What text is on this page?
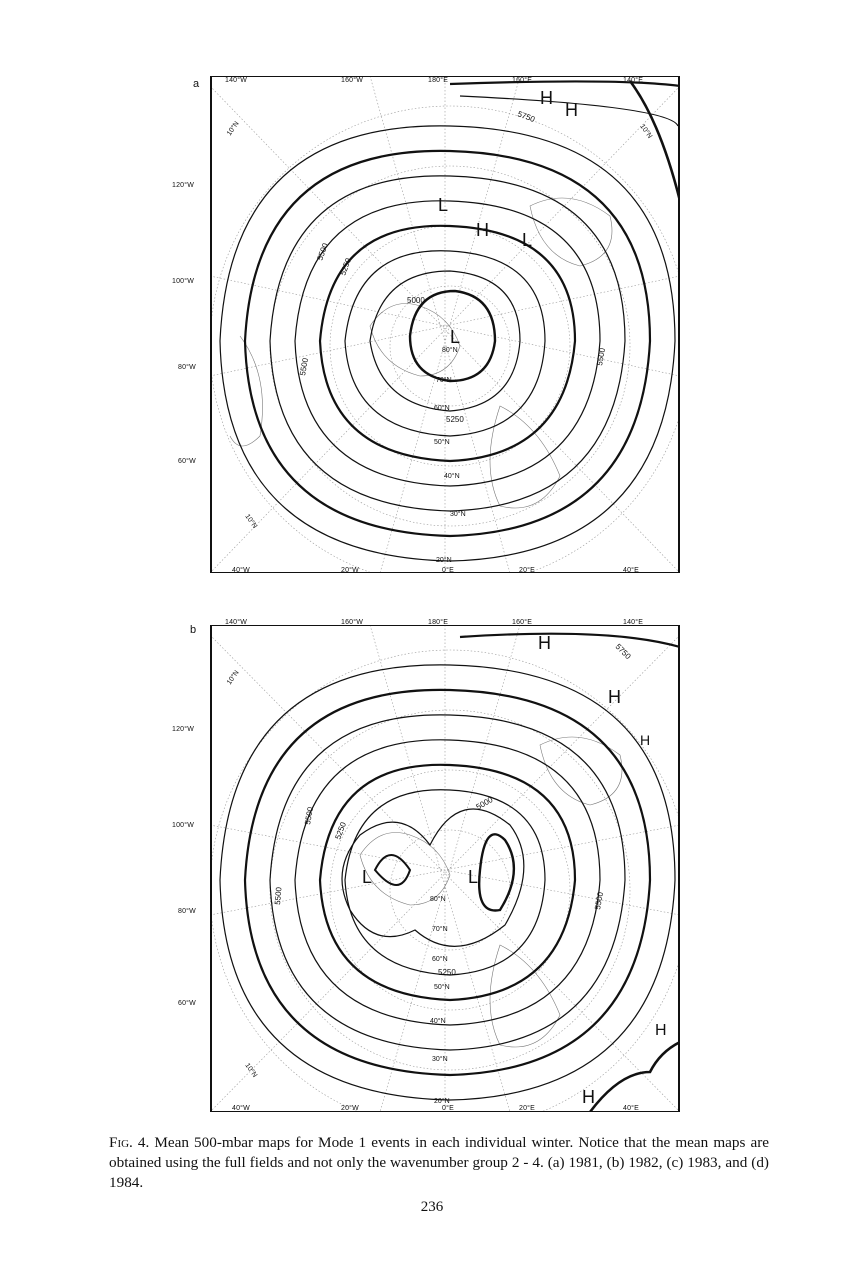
a
b
5750
5500
5250
5000
5250
5500
5500
10°N	10°N
10°N
80°N
70°N
60°N
50°N
40°N
30°N
20°N
H
H
L
H L
L
140°W	160°W	180°E	160°E	140°E
40°W	20°W	0°E	20°E	40°E
120°W
100°W
80°W
60°W
5750
5500
5250
5000
5500	5500
5250
10°N
10°N
80°N
70°N
60°N
50°N
40°N
30°N
20°N
H
H
H
L	L
H
H
140°W	160°W	180°E	160°E	140°E
40°W	20°W	0°E	20°E	40°E
120°W
100°W
80°W
60°W
Fig. 4. Mean 500-mbar maps for Mode 1 events in each individual winter. Notice that the mean maps are obtained using the full fields and not only the wavenumber group 2 - 4. (a) 1981, (b) 1982, (c) 1983, and (d) 1984.
236
